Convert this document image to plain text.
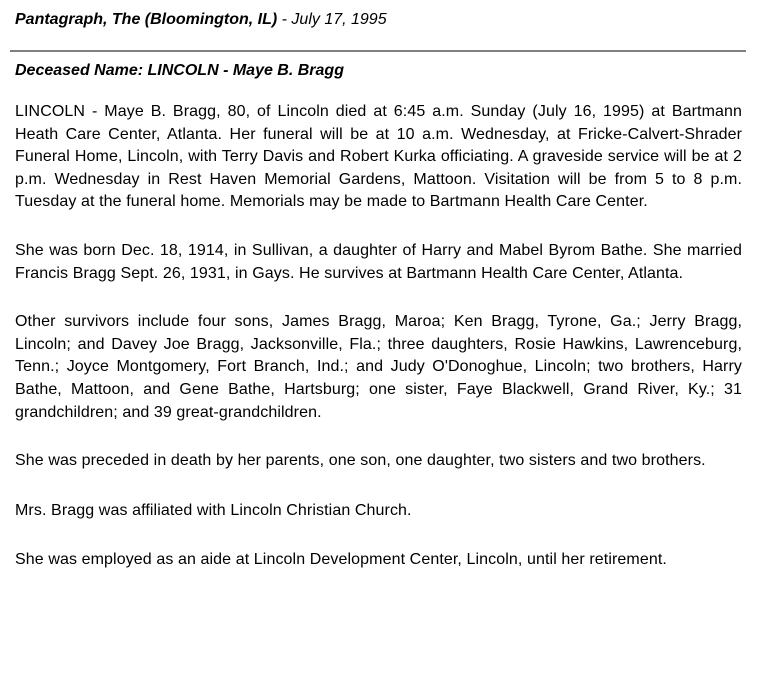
Pantagraph, The (Bloomington, IL) - July 17, 1995
Deceased Name: LINCOLN - Maye B. Bragg

LINCOLN - Maye B. Bragg, 80, of Lincoln died at 6:45 a.m. Sunday (July 16, 1995) at Bartmann Heath Care Center, Atlanta. Her funeral will be at 10 a.m. Wednesday, at Fricke-Calvert-Shrader Funeral Home, Lincoln, with Terry Davis and Robert Kurka officiating. A graveside service will be at 2 p.m. Wednesday in Rest Haven Memorial Gardens, Mattoon. Visitation will be from 5 to 8 p.m. Tuesday at the funeral home. Memorials may be made to Bartmann Health Care Center.

She was born Dec. 18, 1914, in Sullivan, a daughter of Harry and Mabel Byrom Bathe. She married Francis Bragg Sept. 26, 1931, in Gays. He survives at Bartmann Health Care Center, Atlanta.

Other survivors include four sons, James Bragg, Maroa; Ken Bragg, Tyrone, Ga.; Jerry Bragg, Lincoln; and Davey Joe Bragg, Jacksonville, Fla.; three daughters, Rosie Hawkins, Lawrenceburg, Tenn.; Joyce Montgomery, Fort Branch, Ind.; and Judy O'Donoghue, Lincoln; two brothers, Harry Bathe, Mattoon, and Gene Bathe, Hartsburg; one sister, Faye Blackwell, Grand River, Ky.; 31 grandchildren; and 39 great-grandchildren.

She was preceded in death by her parents, one son, one daughter, two sisters and two brothers.

Mrs. Bragg was affiliated with Lincoln Christian Church.

She was employed as an aide at Lincoln Development Center, Lincoln, until her retirement.
